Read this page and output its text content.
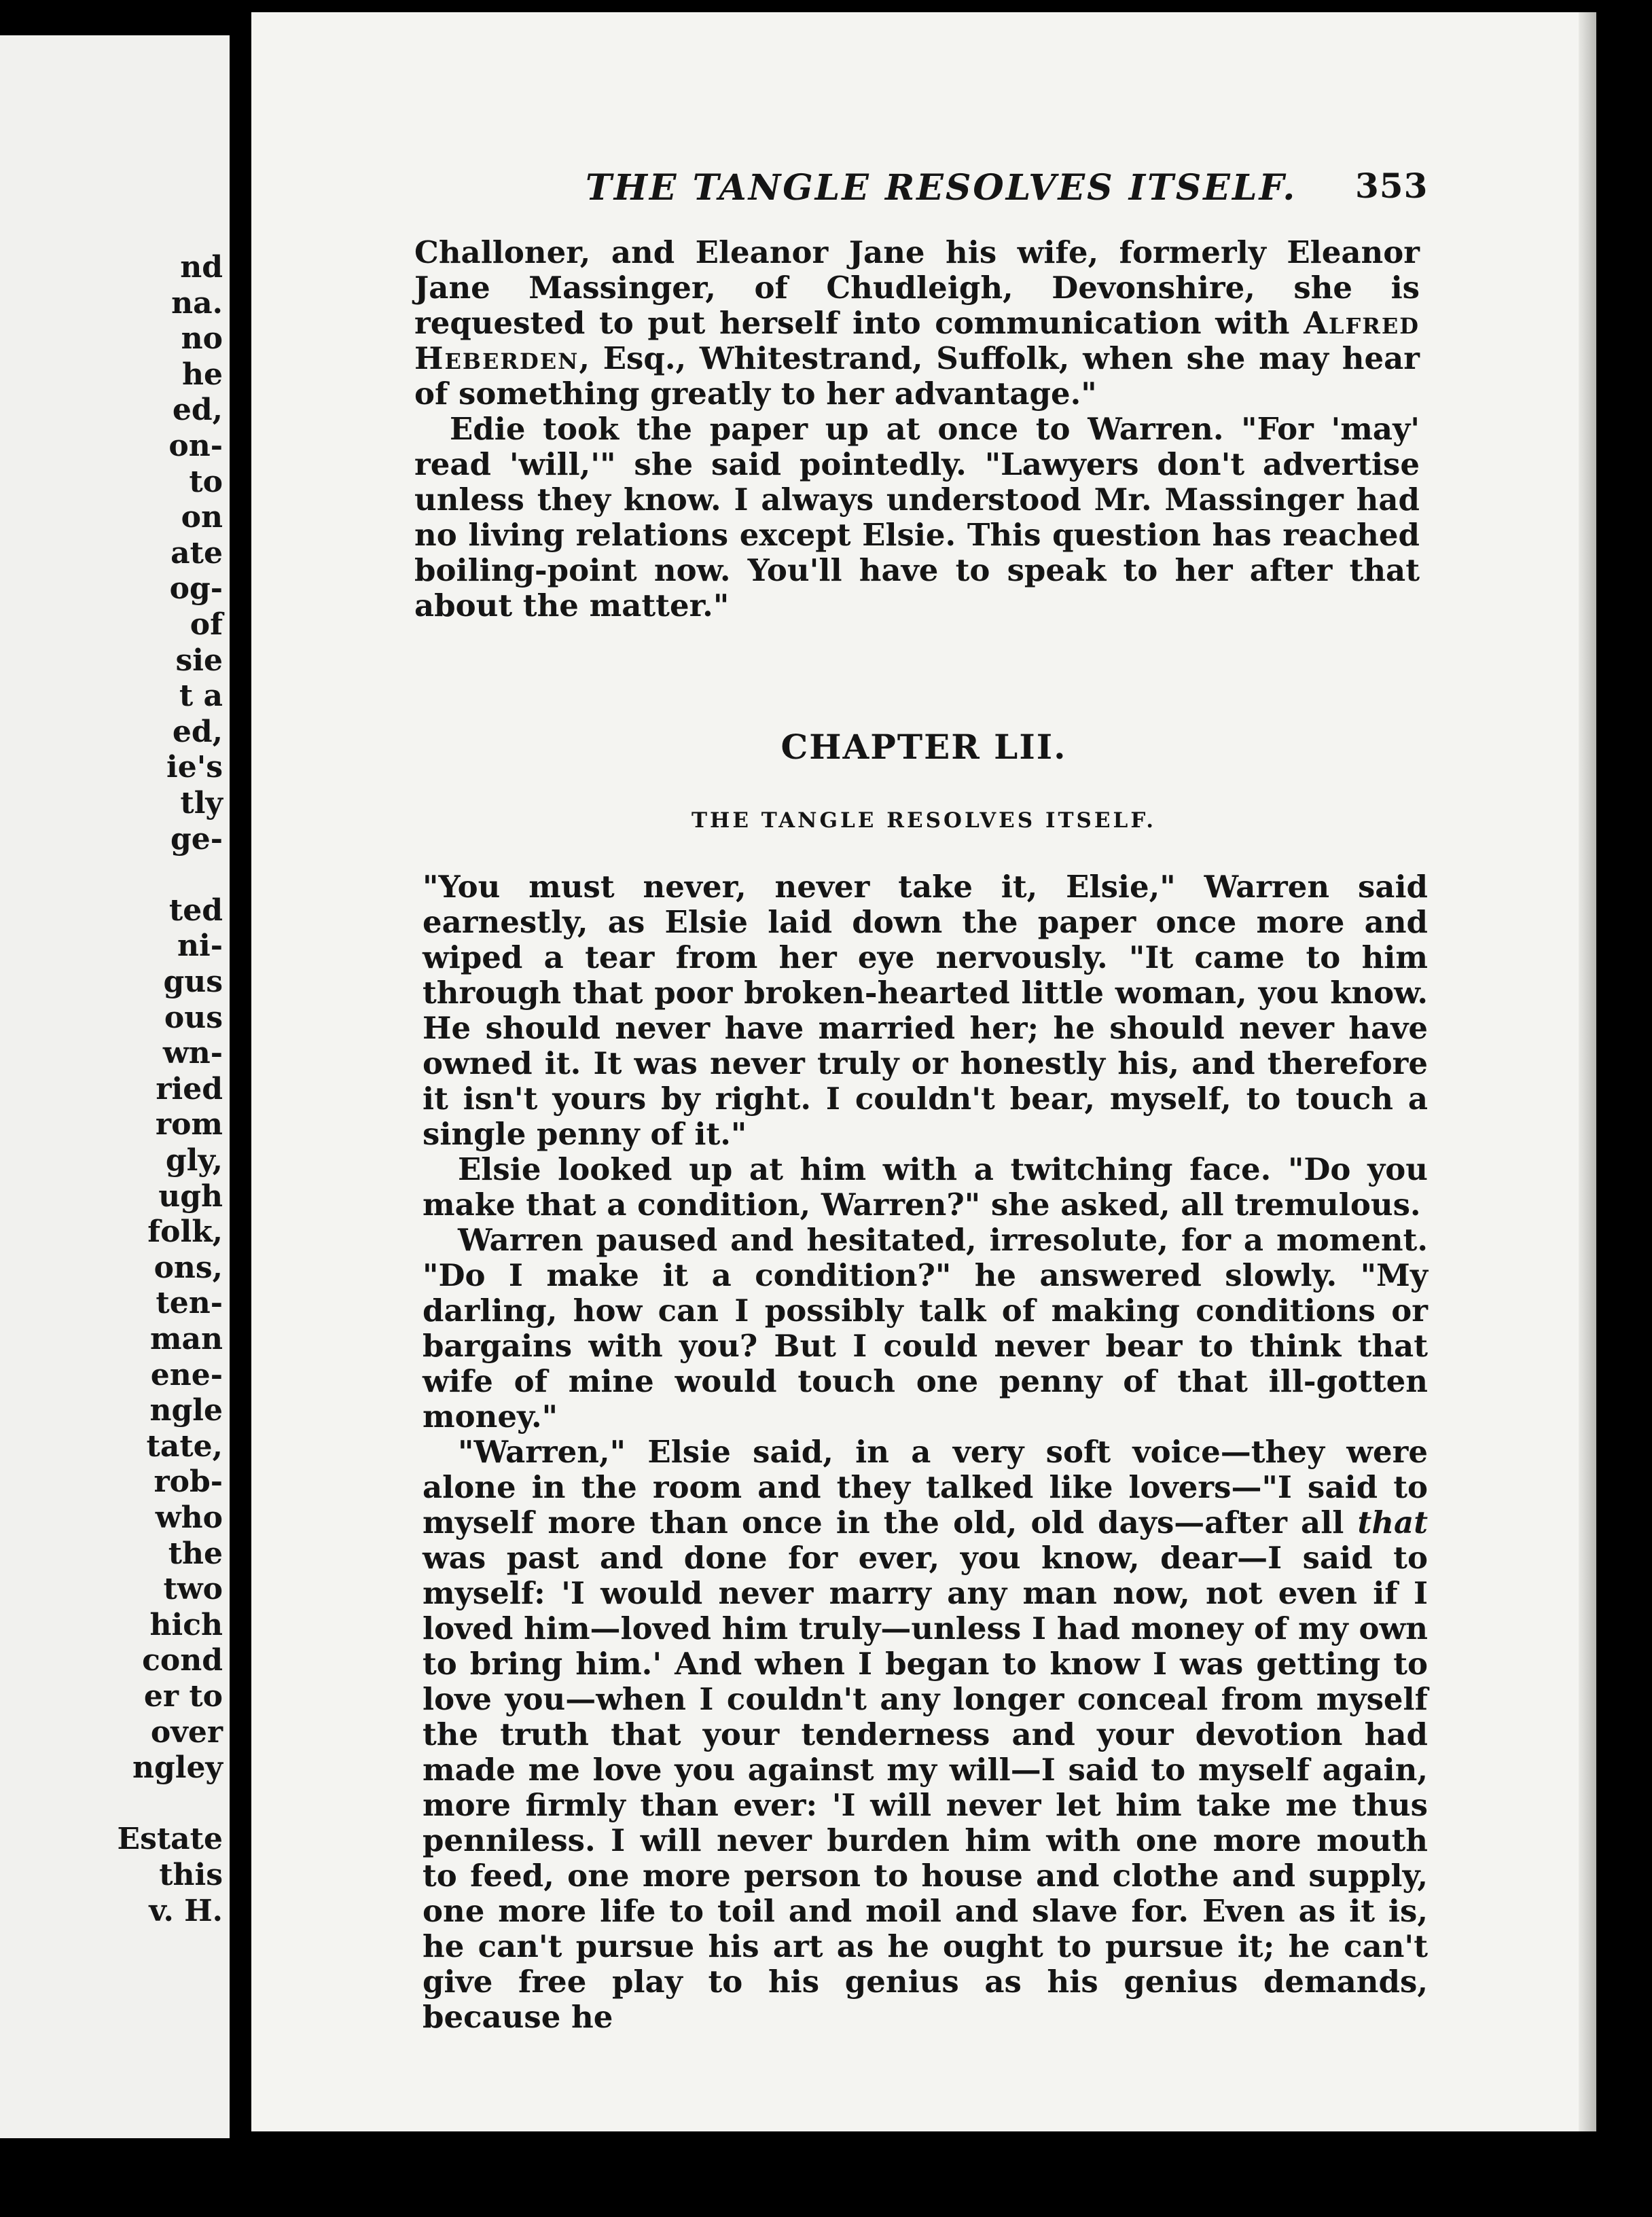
nd
na.
no
he
ed,
on-
to
on
ate
og-
of
sie
t a
ed,
ie's
tly
ge-
ted
ni-
gus
ous
wn-
ried
rom
gly,
ugh
folk,
ons,
ten-
man
ene-
ngle
tate,
rob-
who
the
two
hich
cond
er to
over
ngley
Estate
this
v. H.
THE TANGLE RESOLVES ITSELF.	353

Challoner, and Eleanor Jane his wife, formerly Eleanor Jane Massinger, of Chudleigh, Devonshire, she is requested to put herself into communication with Alfred Heberden, Esq., Whitestrand, Suffolk, when she may hear of something greatly to her advantage."

Edie took the paper up at once to Warren. "For 'may' read 'will,'" she said pointedly. "Lawyers don't advertise unless they know. I always understood Mr. Massinger had no living relations except Elsie. This question has reached boiling-point now. You'll have to speak to her after that about the matter."

CHAPTER LII.
THE TANGLE RESOLVES ITSELF.

"You must never, never take it, Elsie," Warren said earnestly, as Elsie laid down the paper once more and wiped a tear from her eye nervously. "It came to him through that poor broken-hearted little woman, you know. He should never have married her; he should never have owned it. It was never truly or honestly his, and therefore it isn't yours by right. I couldn't bear, myself, to touch a single penny of it."

Elsie looked up at him with a twitching face. "Do you make that a condition, Warren?" she asked, all tremulous.

Warren paused and hesitated, irresolute, for a moment. "Do I make it a condition?" he answered slowly. "My darling, how can I possibly talk of making conditions or bargains with you? But I could never bear to think that wife of mine would touch one penny of that ill-gotten money."

"Warren," Elsie said, in a very soft voice—they were alone in the room and they talked like lovers—"I said to myself more than once in the old, old days—after all that was past and done for ever, you know, dear—I said to myself: 'I would never marry any man now, not even if I loved him—loved him truly—unless I had money of my own to bring him.' And when I began to know I was getting to love you—when I couldn't any longer conceal from myself the truth that your tenderness and your devotion had made me love you against my will—I said to myself again, more firmly than ever: 'I will never let him take me thus penniless. I will never burden him with one more mouth to feed, one more person to house and clothe and supply, one more life to toil and moil and slave for. Even as it is, he can't pursue his art as he ought to pursue it; he can't give free play to his genius as his genius demands, because he
